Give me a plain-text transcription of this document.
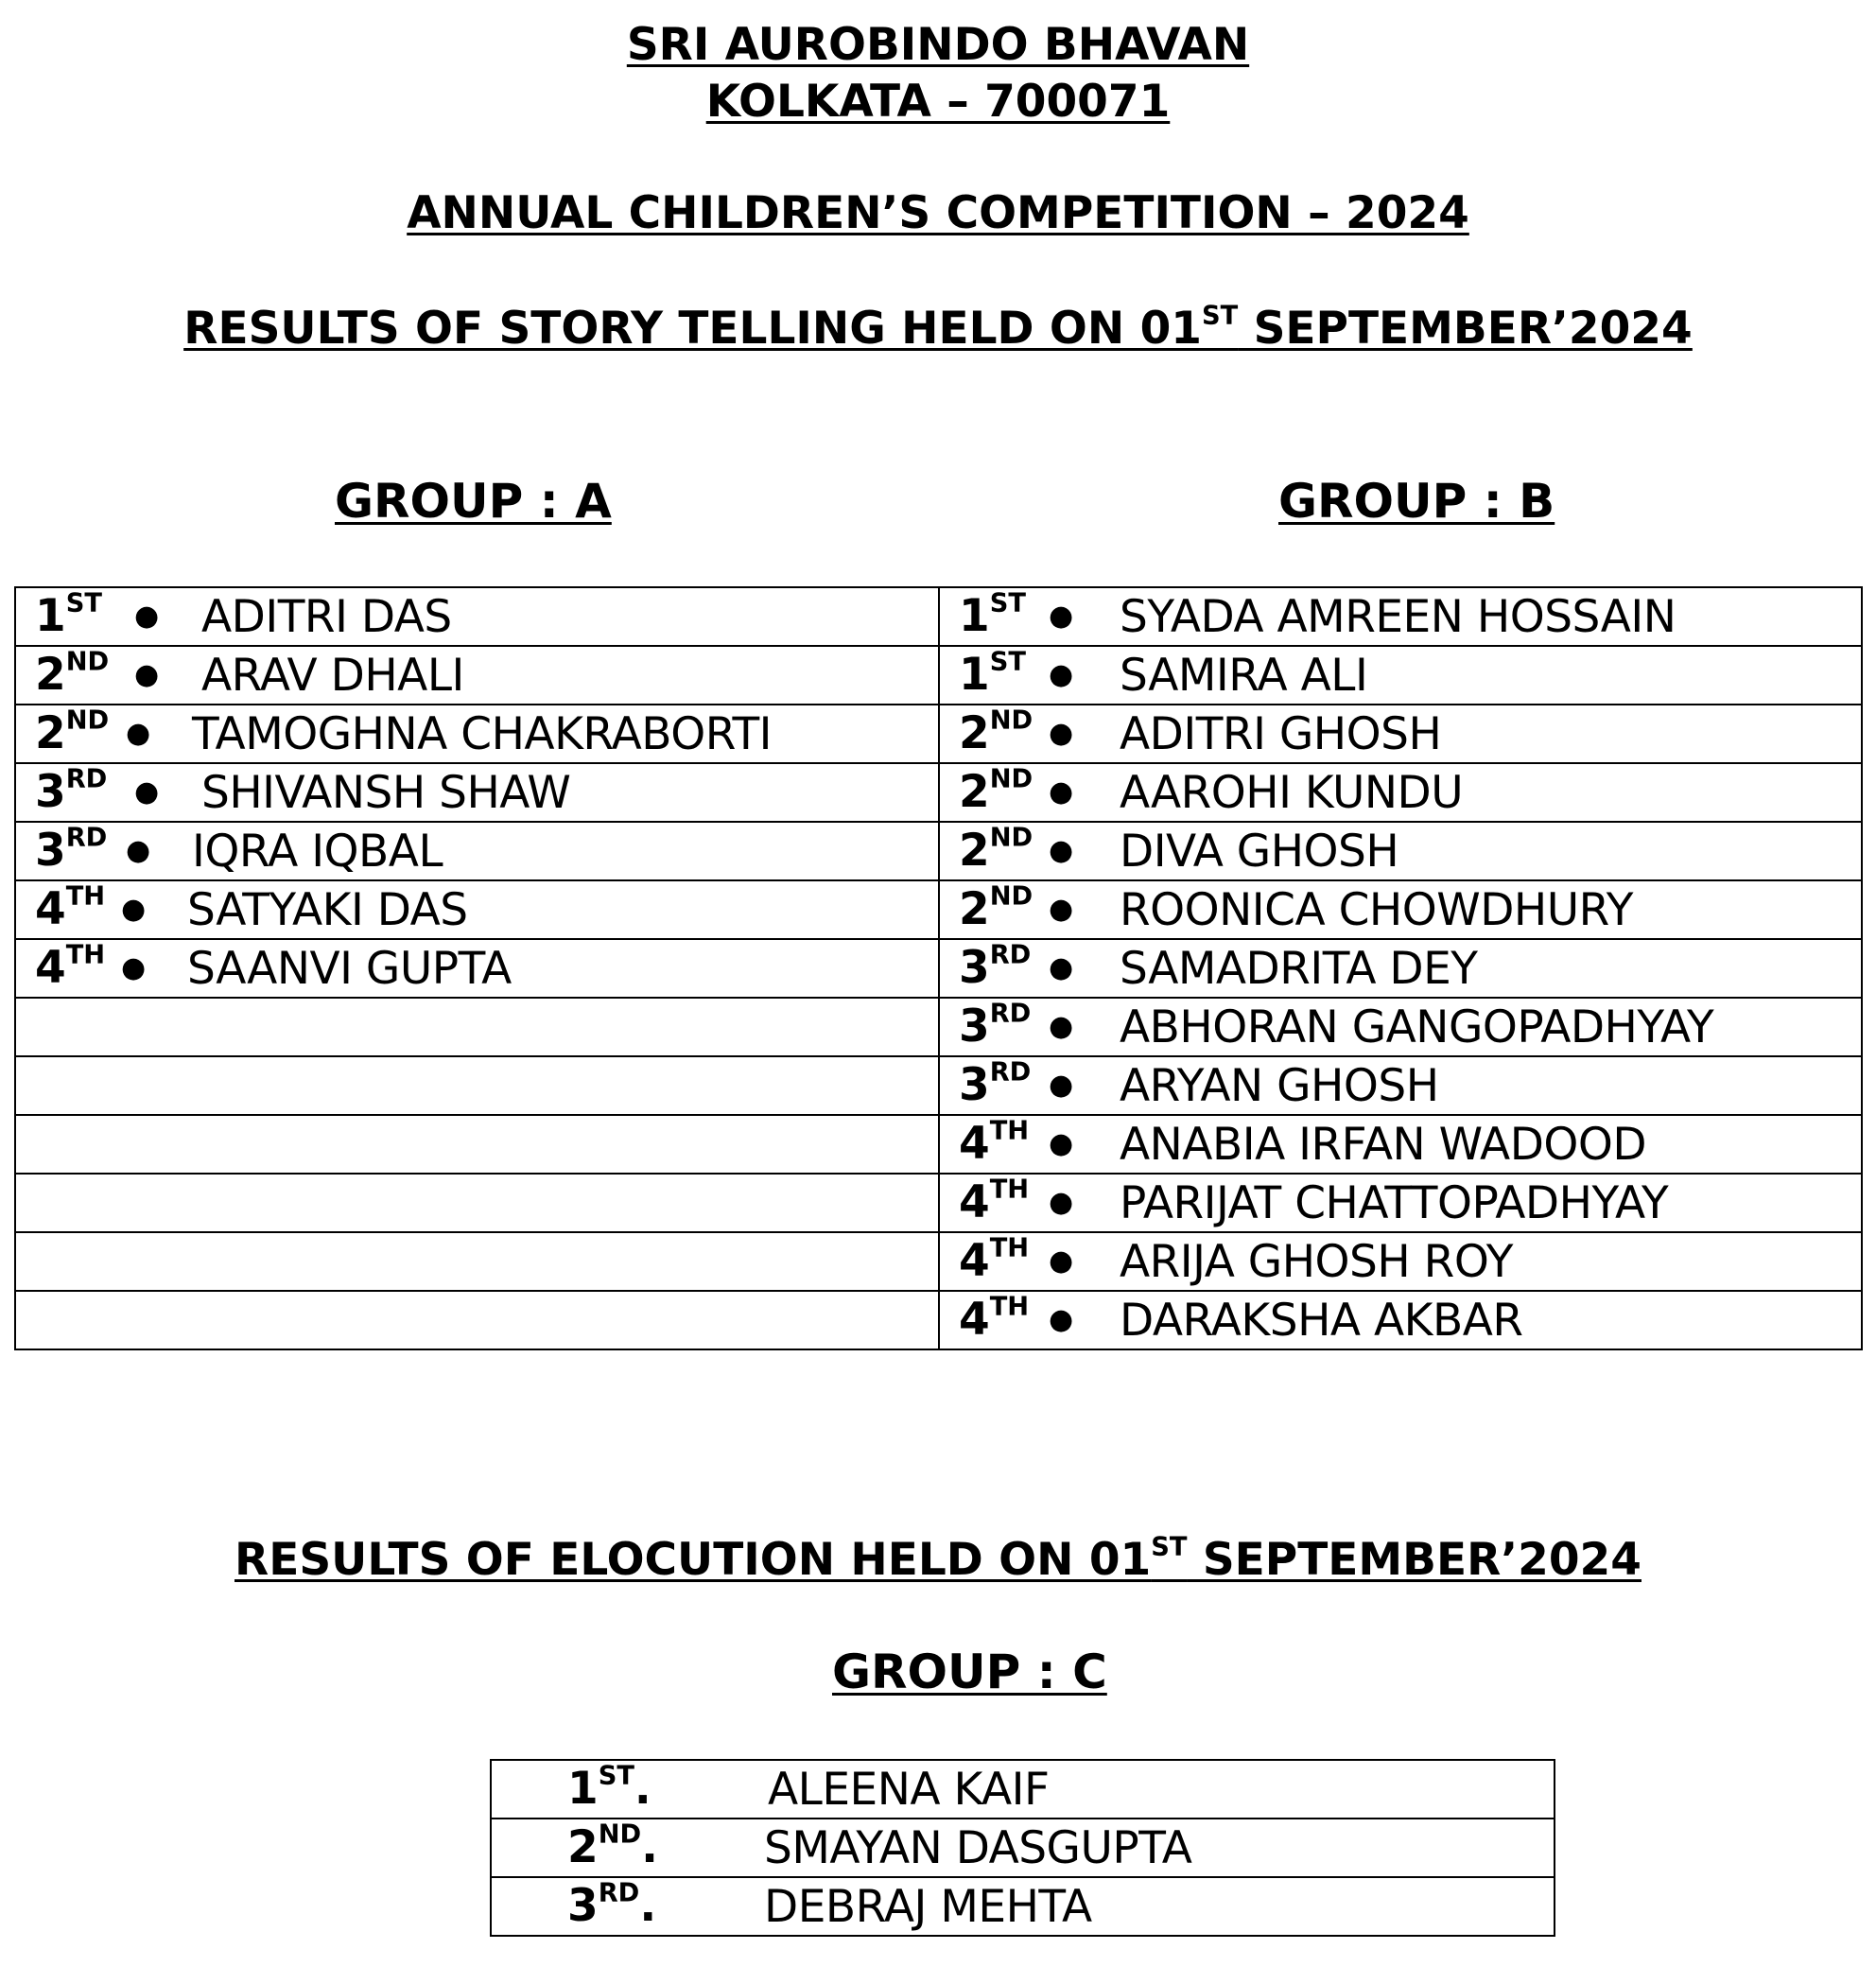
SRI AUROBINDO BHAVAN
KOLKATA – 700071
ANNUAL CHILDREN’S COMPETITION – 2024
RESULTS OF STORY TELLING HELD ON 01ST SEPTEMBER’2024
GROUP : A	GROUP : B
1ST ● ADITRI DAS	1ST ● SYADA AMREEN HOSSAIN

2ND ● ARAV DHALI	1ST ● SAMIRA ALI

2ND ● TAMOGHNA CHAKRABORTI	2ND ● ADITRI GHOSH

3RD ● SHIVANSH SHAW	2ND ● AAROHI KUNDU

3RD ● IQRA IQBAL	2ND ● DIVA GHOSH

4TH ● SATYAKI DAS	2ND ● ROONICA CHOWDHURY

4TH ● SAANVI GUPTA	3RD ● SAMADRITA DEY

	3RD ● ABHORAN GANGOPADHYAY

	3RD ● ARYAN GHOSH

	4TH ● ANABIA IRFAN WADOOD

	4TH ● PARIJAT CHATTOPADHYAY

	4TH ● ARIJA GHOSH ROY

	4TH ● DARAKSHA AKBAR
RESULTS OF ELOCUTION HELD ON 01ST SEPTEMBER’2024
GROUP : C
1ST.	ALEENA KAIF

2ND. SMAYAN DASGUPTA

3RD. DEBRAJ MEHTA
